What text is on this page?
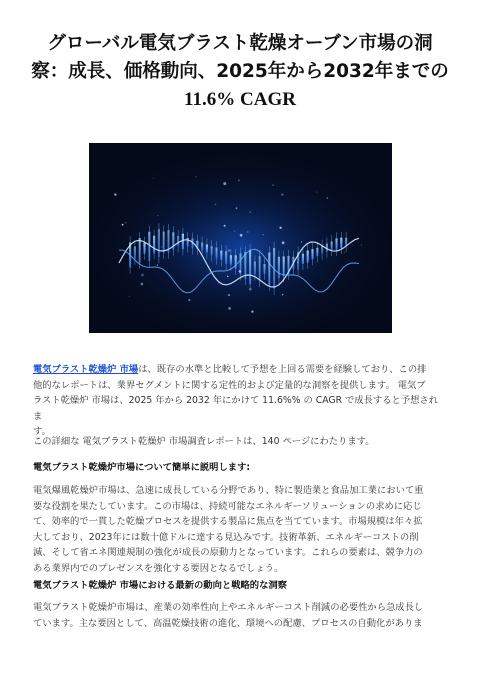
グローバル電気ブラスト乾燥オーブン市場の洞
察：成長、価格動向、2025年から2032年までの
11.6% CAGR

電気ブラスト乾燥炉 市場は、既存の水準と比較して予想を上回る需要を経験しており、この排
他的なレポートは、業界セグメントに関する定性的および定量的な洞察を提供します。 電気ブ
ラスト乾燥炉 市場は、2025 年から 2032 年にかけて 11.6%% の CAGR で成長すると予想されま
す。

この詳細な 電気ブラスト乾燥炉 市場調査レポートは、140 ページにわたります。

電気ブラスト乾燥炉市場について簡単に説明します:

電気爆風乾燥炉市場は、急速に成長している分野であり、特に製造業と食品加工業において重
要な役割を果たしています。この市場は、持続可能なエネルギーソリューションの求めに応じ
て、効率的で一貫した乾燥プロセスを提供する製品に焦点を当てています。市場規模は年々拡
大しており、2023年には数十億ドルに達する見込みです。技術革新、エネルギーコストの削
減、そして省エネ関連規制の強化が成長の原動力となっています。これらの要素は、競争力の
ある業界内でのプレゼンスを強化する要因となるでしょう。

電気ブラスト乾燥炉 市場における最新の動向と戦略的な洞察

電気ブラスト乾燥炉市場は、産業の効率性向上やエネルギーコスト削減の必要性から急成長し
ています。主な要因として、高温乾燥技術の進化、環境への配慮、プロセスの自動化がありま
